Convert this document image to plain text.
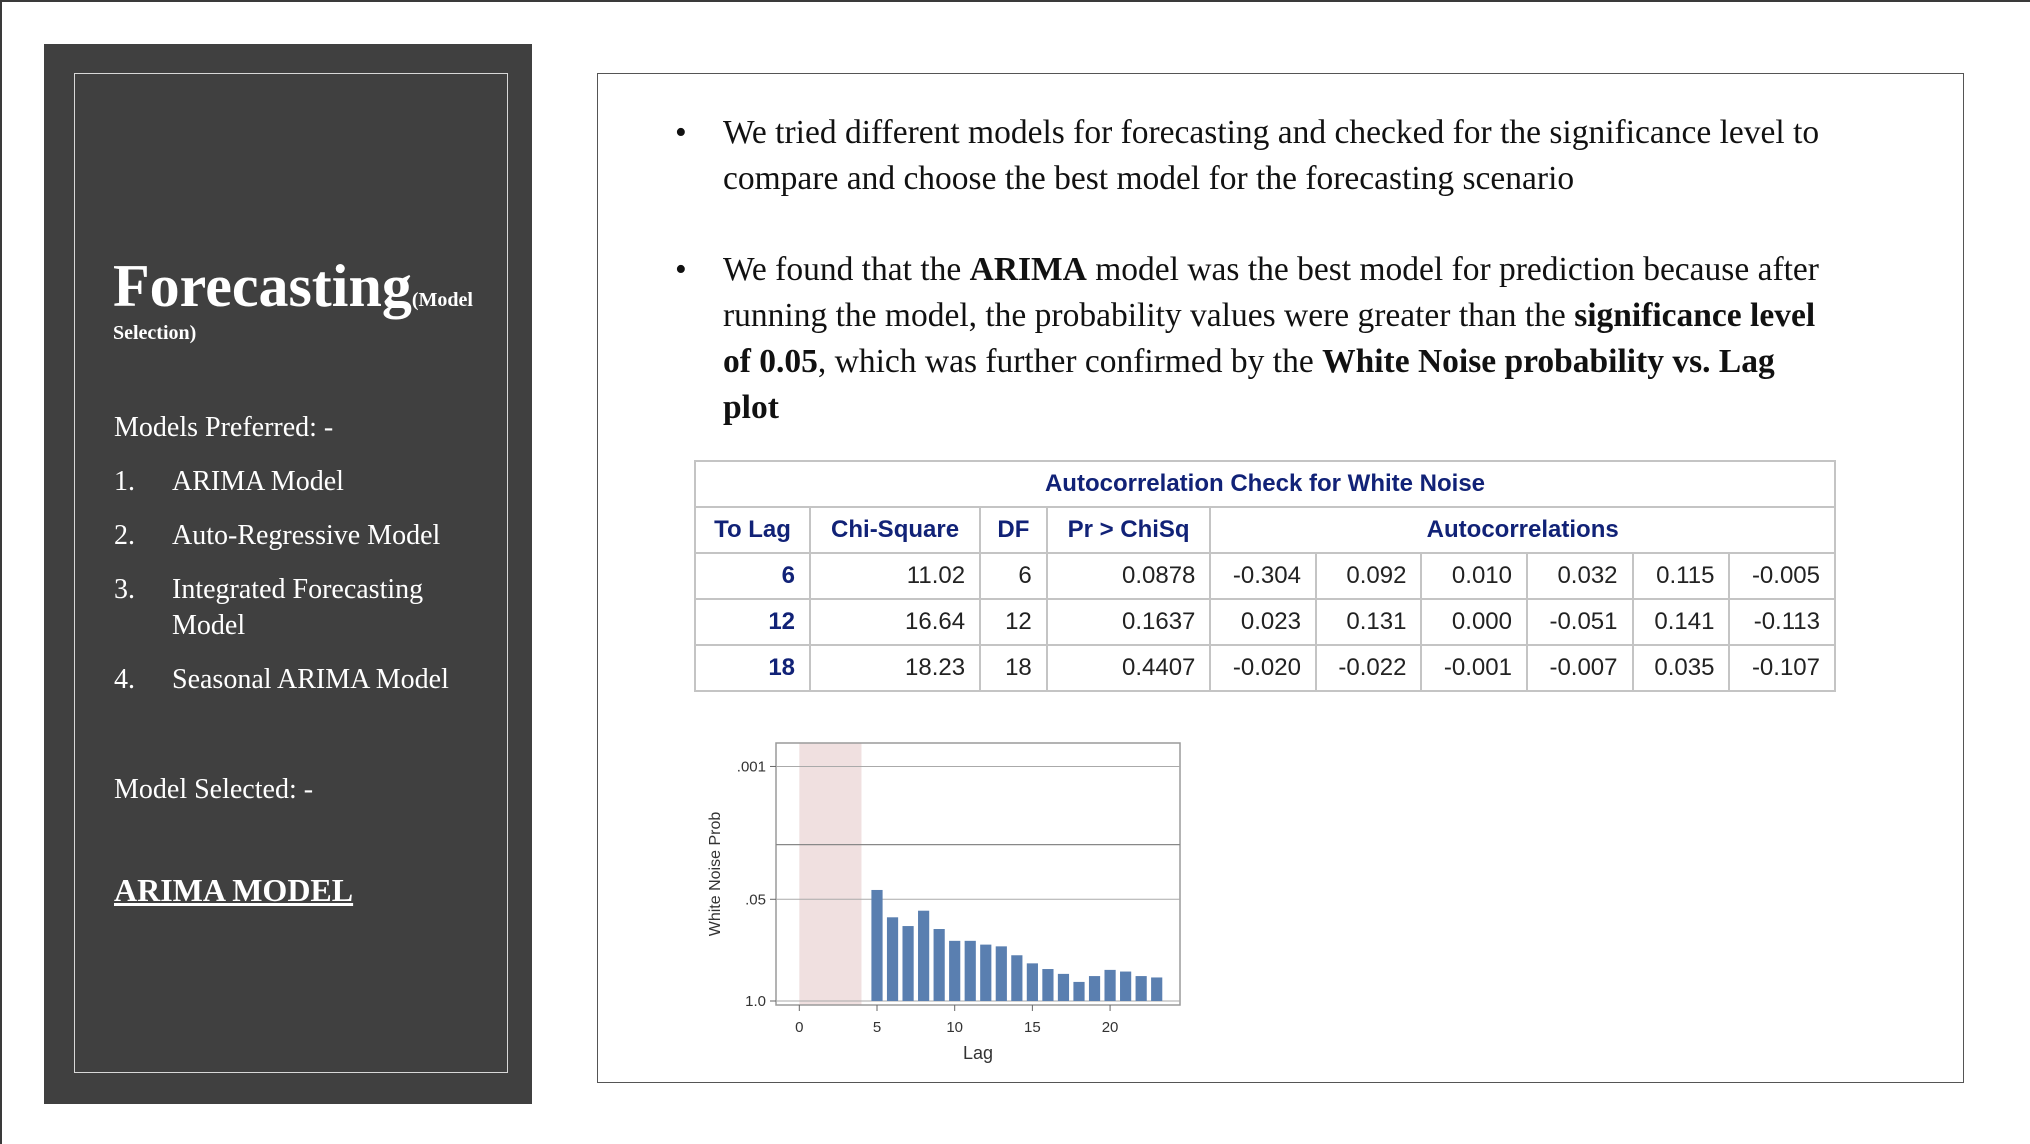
Forecasting(Model
Selection)
Models Preferred: -
1.	ARIMA Model
2.	Auto-Regressive Model
3.	Integrated Forecasting Model
4.	Seasonal ARIMA Model
Model Selected: -
ARIMA MODEL
• We tried different models for forecasting and checked for the significance level to compare and choose the best model for the forecasting scenario
• We found that the ARIMA model was the best model for prediction because after running the model, the probability values were greater than the significance level of 0.05, which was further confirmed by the White Noise probability vs. Lag plot
Autocorrelation Check for White Noise									
To Lag	Chi-Square	DF	Pr > ChiSq	Autocorrelations					
6	11.02	6	0.0878	-0.304	0.092	0.010	0.032	0.115	-0.005
12	16.64	12	0.1637	0.023	0.131	0.000	-0.051	0.141	-0.113
18	18.23	18	0.4407	-0.020	-0.022	-0.001	-0.007	0.035	-0.107
.001
.05
1.0
0	5	10	15	20
Lag
White Noise Prob
